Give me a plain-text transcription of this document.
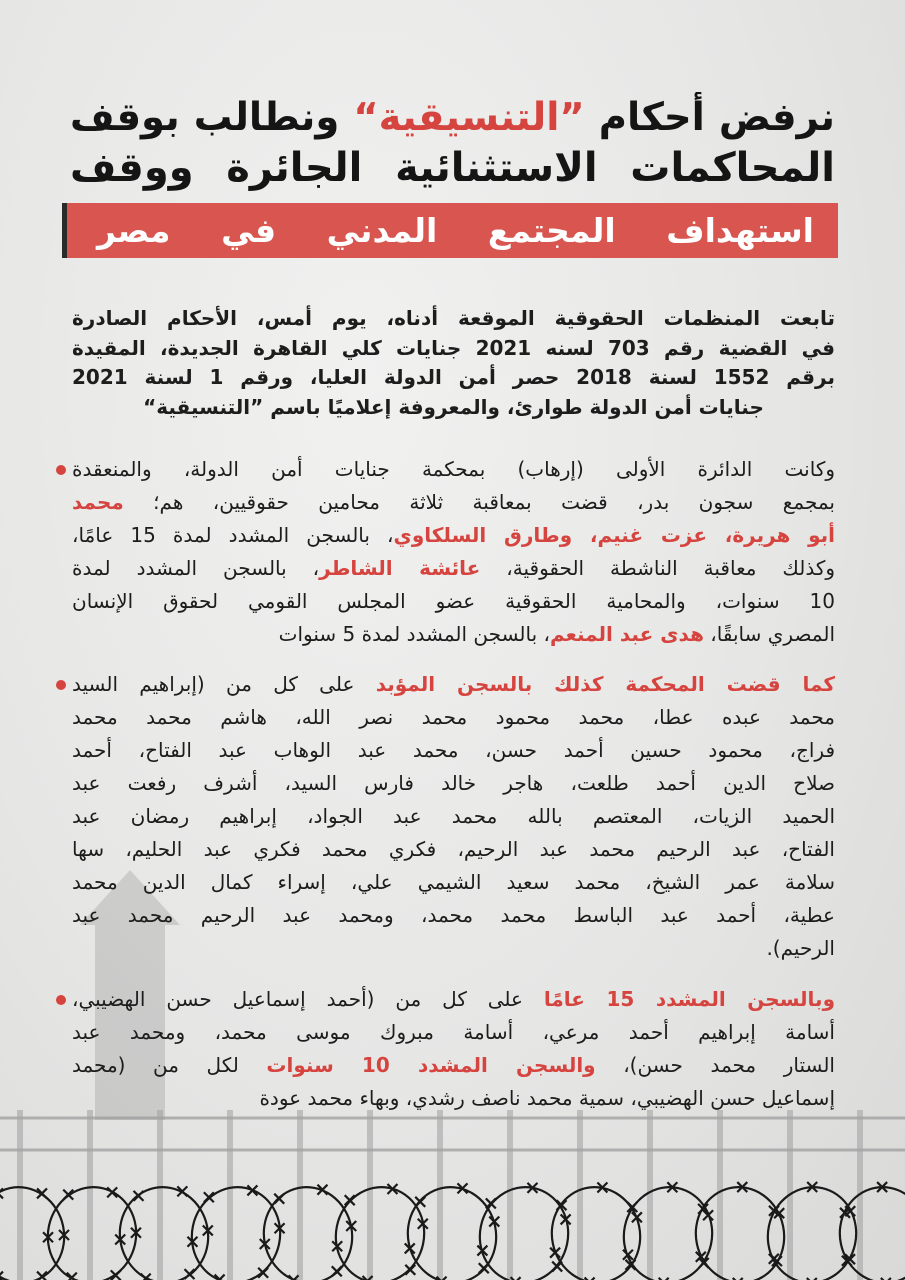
نرفض أحكام ”التنسيقية“ ونطالب بوقف
المحاكمات الاستثنائية الجائرة ووقف
استهداف المجتمع المدني في مصر
تابعت المنظمات الحقوقية الموقعة أدناه، يوم أمس، الأحكام الصادرة
في القضية رقم 703 لسنه 2021 جنايات كلي القاهرة الجديدة، المقيدة
برقم 1552 لسنة 2018 حصر أمن الدولة العليا، ورقم 1 لسنة 2021
جنايات أمن الدولة طوارئ، والمعروفة إعلاميًا باسم ”التنسيقية“
وكانت الدائرة الأولى (إرهاب) بمحكمة جنايات أمن الدولة، والمنعقدة
بمجمع سجون بدر، قضت بمعاقبة ثلاثة محامين حقوقيين، هم؛ محمد
أبو هريرة، عزت غنيم، وطارق السلكاوي، بالسجن المشدد لمدة 15 عامًا،
وكذلك معاقبة الناشطة الحقوقية، عائشة الشاطر، بالسجن المشدد لمدة
10 سنوات، والمحامية الحقوقية عضو المجلس القومي لحقوق الإنسان
المصري سابقًا، هدى عبد المنعم، بالسجن المشدد لمدة 5 سنوات
كما قضت المحكمة كذلك بالسجن المؤبد على كل من (إبراهيم السيد
محمد عبده عطا، محمد محمود محمد نصر الله، هاشم محمد محمد
فراج، محمود حسين أحمد حسن، محمد عبد الوهاب عبد الفتاح، أحمد
صلاح الدين أحمد طلعت، هاجر خالد فارس السيد، أشرف رفعت عبد
الحميد الزيات، المعتصم بالله محمد عبد الجواد، إبراهيم رمضان عبد
الفتاح، عبد الرحيم محمد عبد الرحيم، فكري محمد فكري عبد الحليم، سها
سلامة عمر الشيخ، محمد سعيد الشيمي علي، إسراء كمال الدين محمد
عطية، أحمد عبد الباسط محمد محمد، ومحمد عبد الرحيم محمد عبد
الرحيم).
وبالسجن المشدد 15 عامًا على كل من (أحمد إسماعيل حسن الهضيبي،
أسامة إبراهيم أحمد مرعي، أسامة مبروك موسى محمد، ومحمد عبد
الستار محمد حسن)، والسجن المشدد 10 سنوات لكل من (محمد
إسماعيل حسن الهضيبي، سمية محمد ناصف رشدي، وبهاء محمد عودة
